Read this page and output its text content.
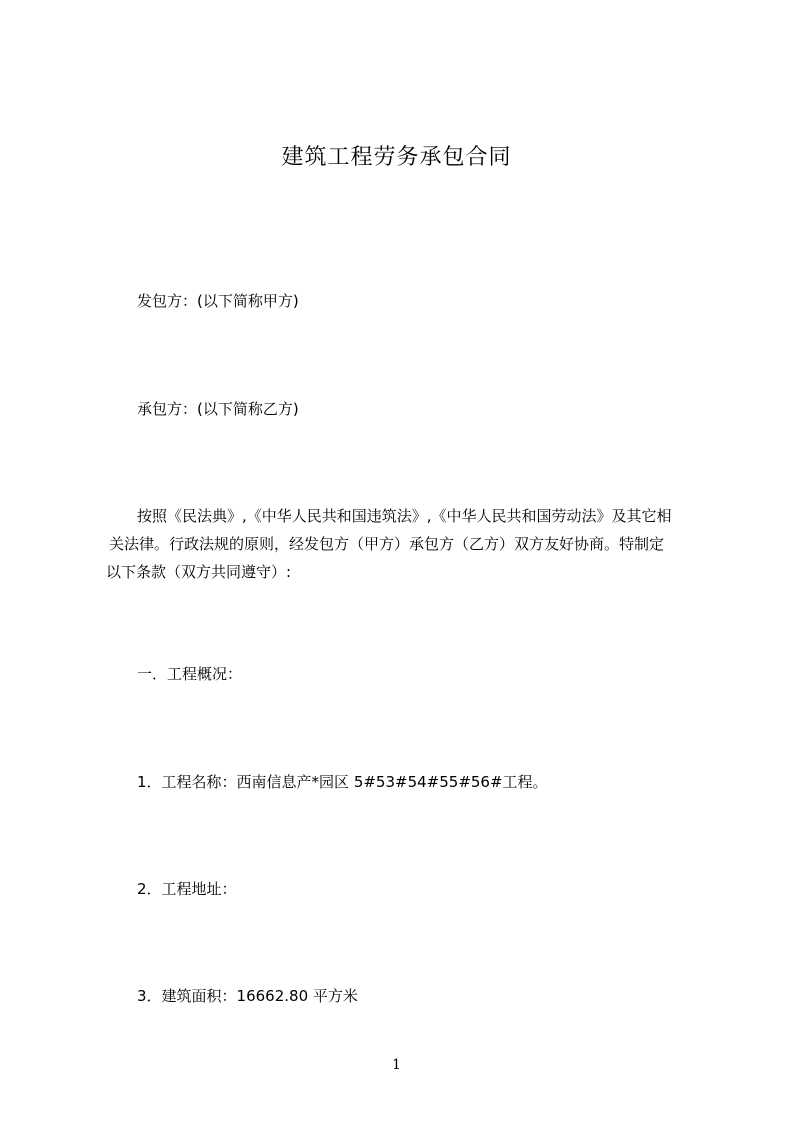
建筑工程劳务承包合同
发包方：(以下简称甲方)
承包方：(以下简称乙方)
按照《民法典》,《中华人民共和国违筑法》,《中华人民共和国劳动法》及其它相
关法律。行政法规的原则，经发包方（甲方）承包方（乙方）双方友好协商。特制定
以下条款（双方共同遵守）:
一．工程概况：
1．工程名称：西南信息产*园区 5#53#54#55#56#工程。
2．工程地址：
3．建筑面积：16662.80 平方米
1
